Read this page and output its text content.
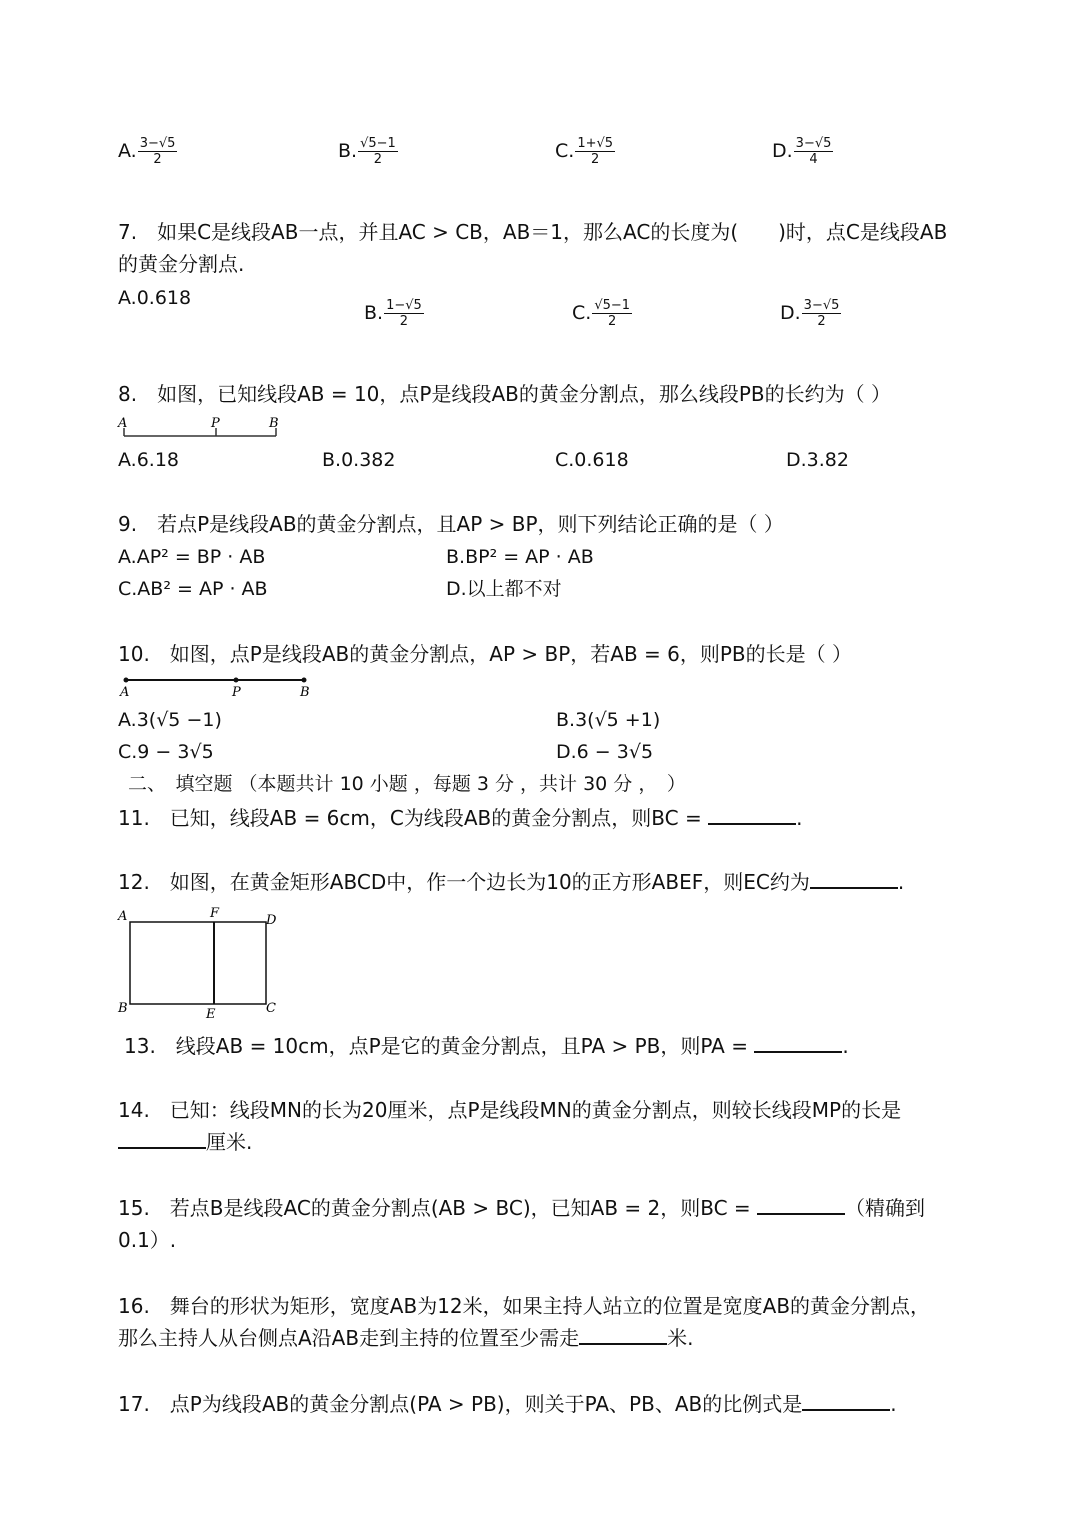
A. $\frac{3-√5}{2}$	B. $\frac{√5-1}{2}$	C. $\frac{1+√5}{2}$	D. $\frac{3-√5}{4}$
7.　如果C是线段AB一点，并且AC > CB，AB＝1，那么AC的长度为(　　)时，点C是线段AB
的黄金分割点.
A.0.618
B. $\frac{1-√5}{2}$	C. $\frac{√5-1}{2}$	D. $\frac{3-√5}{2}$
8.　如图，已知线段AB = 10，点P是线段AB的黄金分割点，那么线段PB的长约为（ ）
A	P	B
A.6.18	B.0.382	C.0.618	D.3.82
9.　若点P是线段AB的黄金分割点，且AP > BP，则下列结论正确的是（ ）
A.AP² = BP · AB	B.BP² = AP · AB
C.AB² = AP · AB	D.以上都不对
10.　如图，点P是线段AB的黄金分割点，AP > BP，若AB = 6，则PB的长是（ ）
A	P	B
A.3(√5 −1)	B.3(√5 +1)
C.9 − 3√5	D.6 − 3√5
二、　填空题 （本题共计 10 小题 ，每题 3 分 ，共计 30 分 ，　）
11.　已知，线段AB = 6cm，C为线段AB的黄金分割点，则BC =	.
12.　如图，在黄金矩形ABCD中，作一个边长为10的正方形ABEF，则EC约为	.
A	F	D
B	E	C
13.　线段AB = 10cm，点P是它的黄金分割点，且PA > PB，则PA =	.
14.　已知：线段MN的长为20厘米，点P是线段MN的黄金分割点，则较长线段MP的长是
厘米.
15.　若点B是线段AC的黄金分割点(AB > BC)，已知AB = 2，则BC =	（精确到
0.1）.
16.　舞台的形状为矩形，宽度AB为12米，如果主持人站立的位置是宽度AB的黄金分割点，
那么主持人从台侧点A沿AB走到主持的位置至少需走	米.
17.　点P为线段AB的黄金分割点(PA > PB)，则关于PA、PB、AB的比例式是	.
